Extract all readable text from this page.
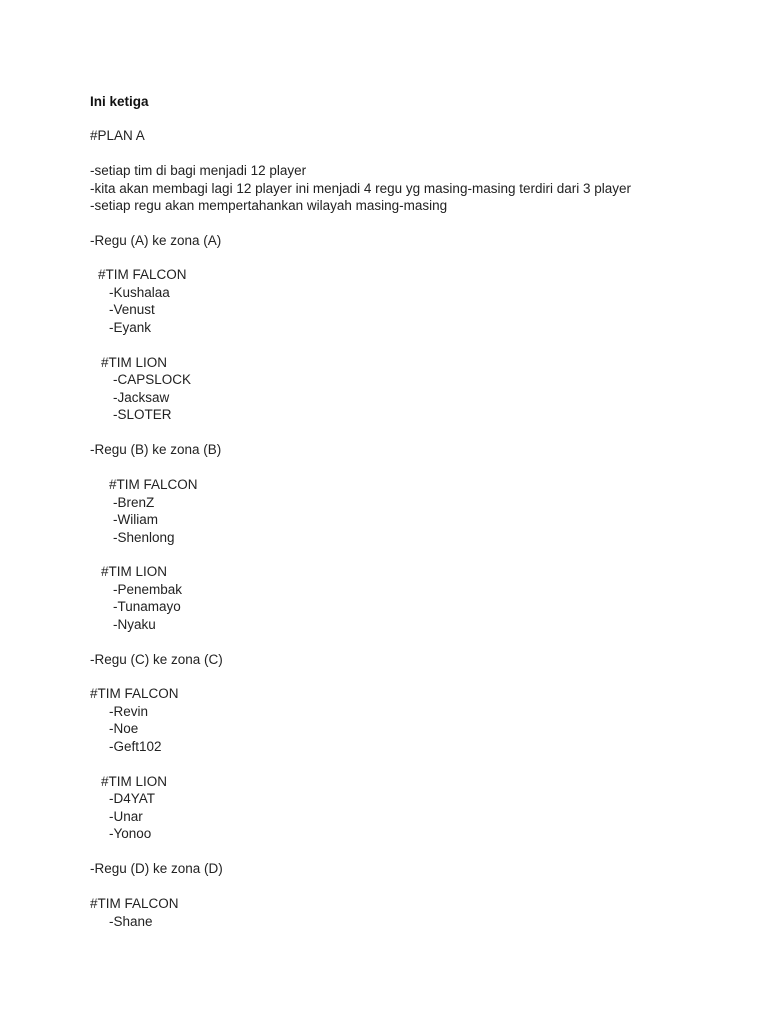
Ini ketiga
#PLAN A
-setiap tim di bagi menjadi 12 player
-kita akan membagi lagi 12 player ini menjadi 4 regu yg masing-masing terdiri dari 3 player
-setiap regu akan mempertahankan wilayah masing-masing
-Regu (A) ke zona (A)
#TIM FALCON
-Kushalaa
-Venust
-Eyank
#TIM LION
-CAPSLOCK
-Jacksaw
-SLOTER
-Regu (B) ke zona (B)
#TIM FALCON
-BrenZ
-Wiliam
-Shenlong
#TIM LION
-Penembak
-Tunamayo
-Nyaku
-Regu (C) ke zona (C)
#TIM FALCON
-Revin
-Noe
-Geft102
#TIM LION
-D4YAT
-Unar
-Yonoo
-Regu (D) ke zona (D)
#TIM FALCON
-Shane
